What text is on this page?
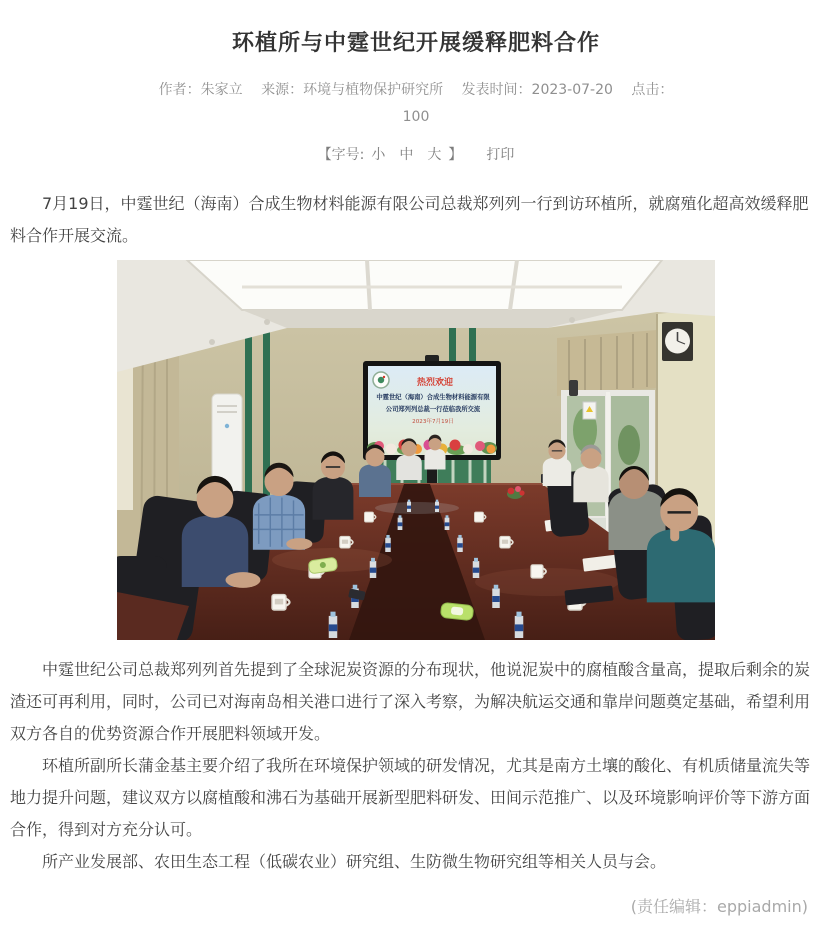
环植所与中霆世纪开展缓释肥料合作
作者：朱家立 来源：环境与植物保护研究所 发表时间：2023-07-20 点击：
100
【字号: 小 中 大 】 打印

7月19日，中霆世纪（海南）合成生物材料能源有限公司总裁郑列列一行到访环植所，就腐殖化超高效缓释肥料合作开展交流。

热烈欢迎
中霆世纪（海南）合成生物材料能源有限
公司郑列列总裁一行莅临我所交流
2023年7月19日

中霆世纪公司总裁郑列列首先提到了全球泥炭资源的分布现状，他说泥炭中的腐植酸含量高，提取后剩余的炭渣还可再利用，同时，公司已对海南岛相关港口进行了深入考察，为解决航运交通和靠岸问题奠定基础，希望利用双方各自的优势资源合作开展肥料领域开发。

环植所副所长蒲金基主要介绍了我所在环境保护领域的研发情况，尤其是南方土壤的酸化、有机质储量流失等地力提升问题，建议双方以腐植酸和沸石为基础开展新型肥料研发、田间示范推广、以及环境影响评价等下游方面合作，得到对方充分认可。

所产业发展部、农田生态工程（低碳农业）研究组、生防微生物研究组等相关人员与会。

(责任编辑：eppiadmin)
